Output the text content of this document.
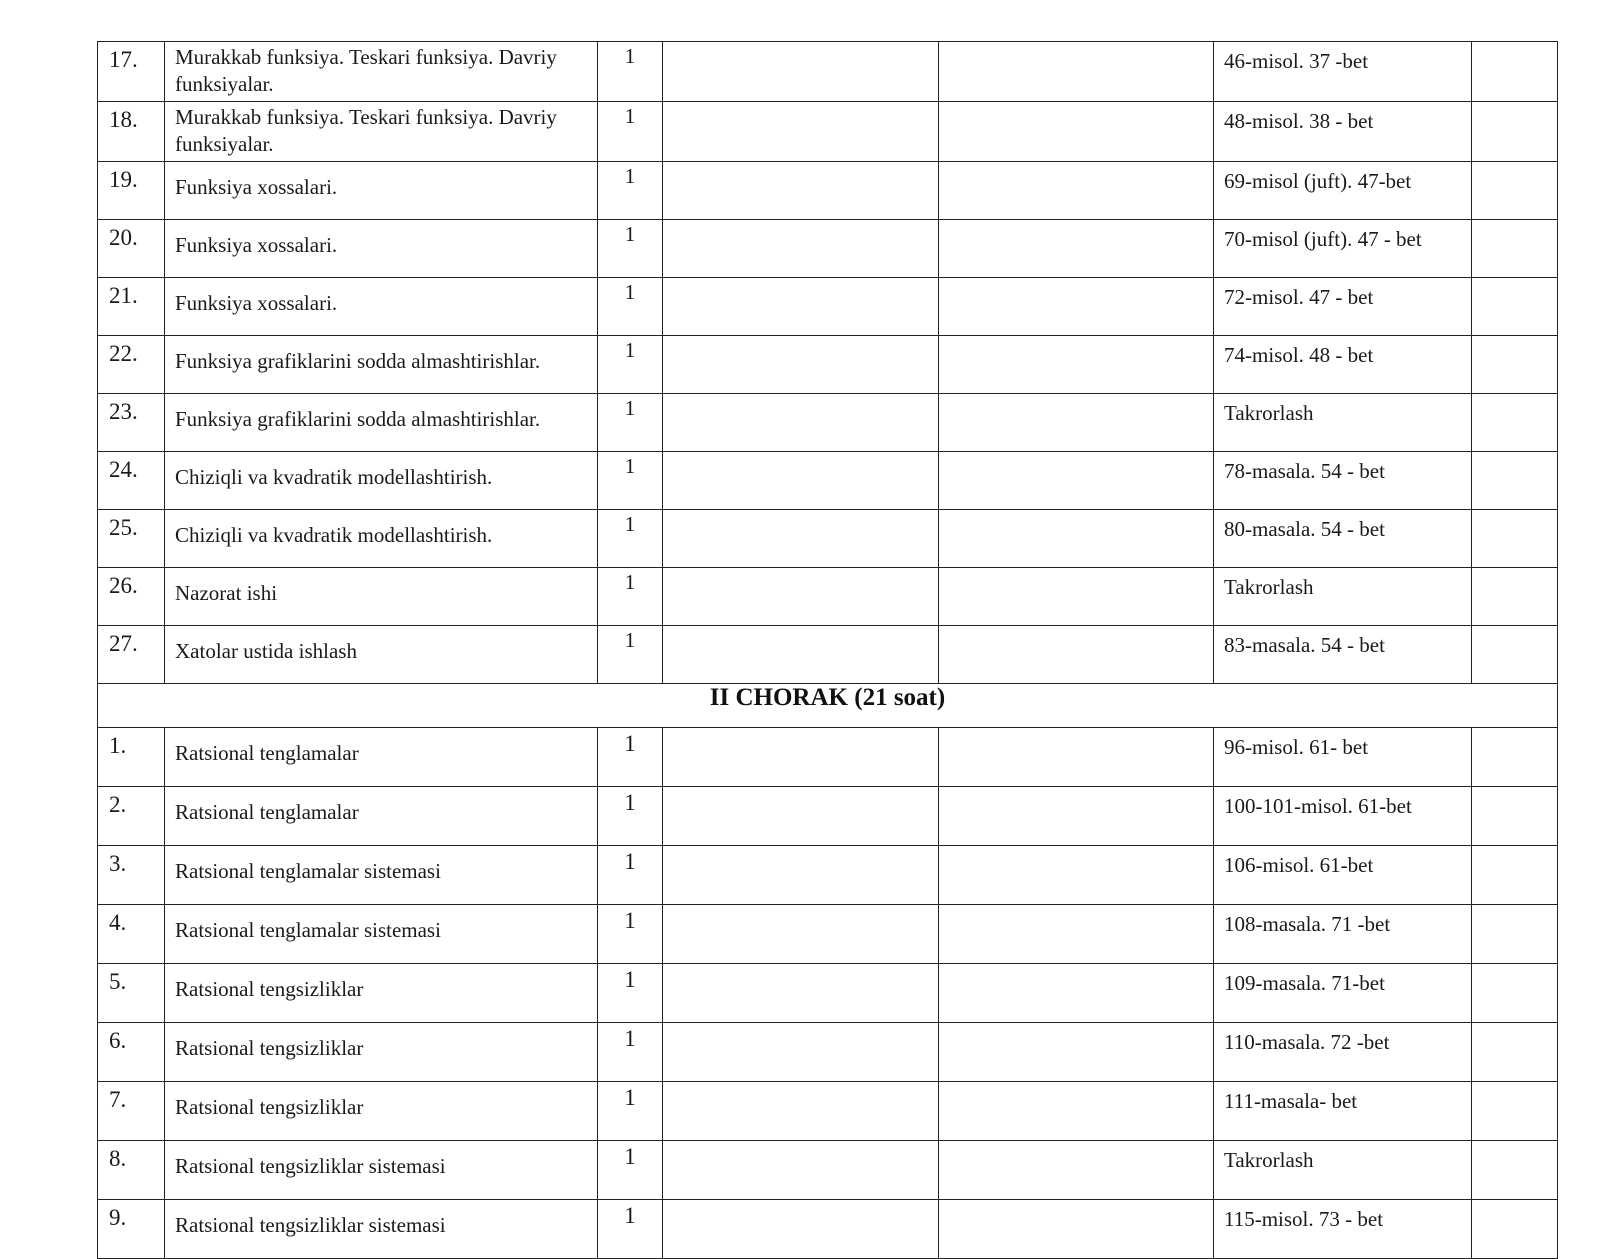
17.	Murakkab funksiya. Teskari funksiya. Davriy funksiyalar.	1			46-misol. 37 -bet	
18.	Murakkab funksiya. Teskari funksiya. Davriy funksiyalar.	1			48-misol. 38 - bet	
19.	Funksiya xossalari.	1			69-misol (juft). 47-bet	
20.	Funksiya xossalari.	1			70-misol (juft). 47 - bet	
21.	Funksiya xossalari.	1			72-misol. 47 - bet	
22.	Funksiya grafiklarini sodda almashtirishlar.	1			74-misol. 48 - bet	
23.	Funksiya grafiklarini sodda almashtirishlar.	1			Takrorlash	
24.	Chiziqli va kvadratik modellashtirish.	1			78-masala. 54 - bet	
25.	Chiziqli va kvadratik modellashtirish.	1			80-masala. 54 - bet	
26.	Nazorat ishi	1			Takrorlash	
27.	Xatolar ustida ishlash	1			83-masala. 54 - bet	
II CHORAK (21 soat)						
1.	Ratsional tenglamalar	1			96-misol. 61- bet	
2.	Ratsional tenglamalar	1			100-101-misol. 61-bet	
3.	Ratsional tenglamalar sistemasi	1			106-misol. 61-bet	
4.	Ratsional tenglamalar sistemasi	1			108-masala. 71 -bet	
5.	Ratsional tengsizliklar	1			109-masala. 71-bet	
6.	Ratsional tengsizliklar	1			110-masala. 72 -bet	
7.	Ratsional tengsizliklar	1			111-masala- bet	
8.	Ratsional tengsizliklar sistemasi	1			Takrorlash	
9.	Ratsional tengsizliklar sistemasi	1			115-misol. 73 - bet	
